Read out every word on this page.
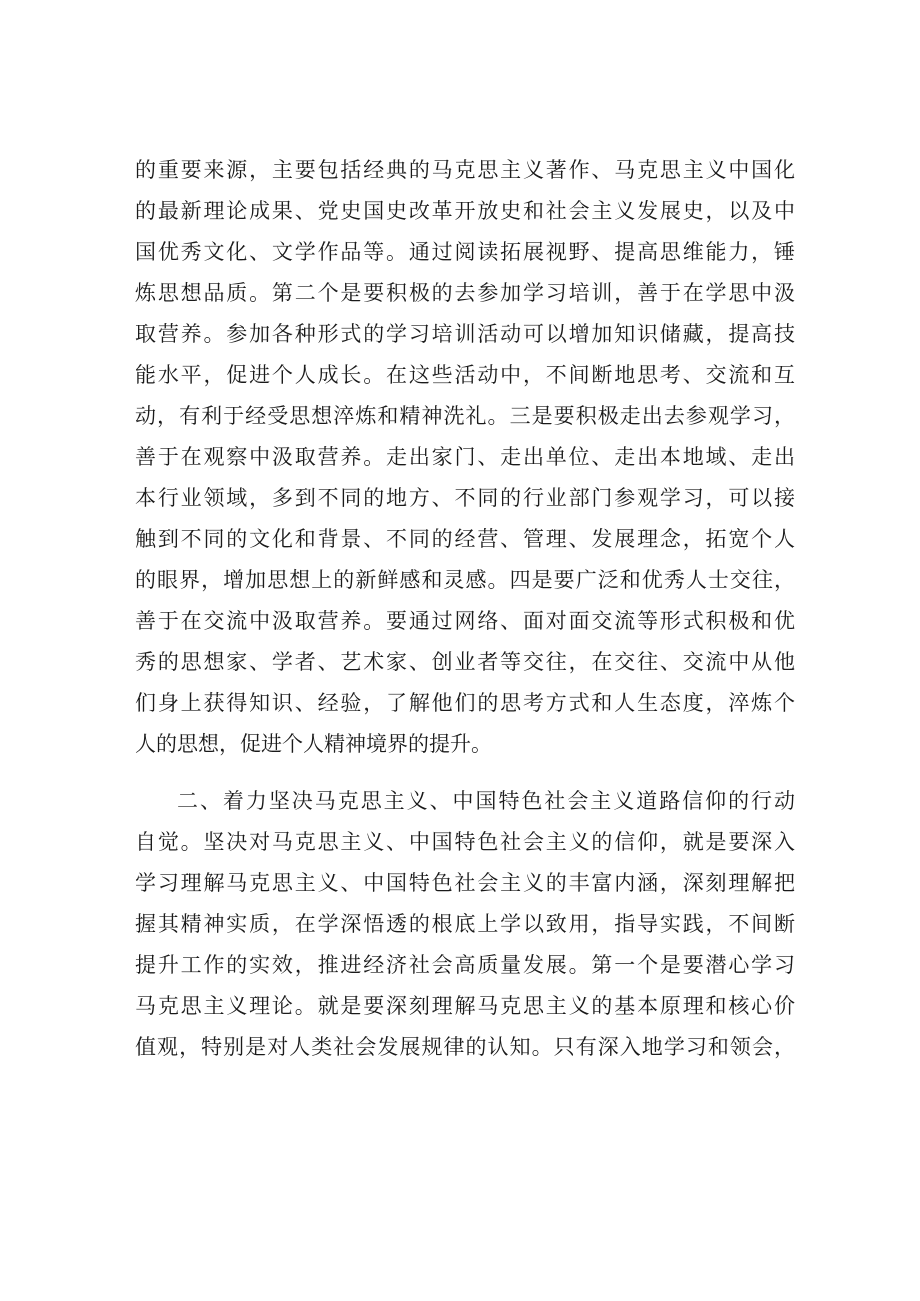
的重要来源，主要包括经典的马克思主义著作、马克思主义中国化
的最新理论成果、党史国史改革开放史和社会主义发展史，以及中
国优秀文化、文学作品等。通过阅读拓展视野、提高思维能力，锤
炼思想品质。第二个是要积极的去参加学习培训，善于在学思中汲
取营养。参加各种形式的学习培训活动可以增加知识储藏，提高技
能水平，促进个人成长。在这些活动中，不间断地思考、交流和互
动，有利于经受思想淬炼和精神洗礼。三是要积极走出去参观学习，
善于在观察中汲取营养。走出家门、走出单位、走出本地域、走出
本行业领域，多到不同的地方、不同的行业部门参观学习，可以接
触到不同的文化和背景、不同的经营、管理、发展理念，拓宽个人
的眼界，增加思想上的新鲜感和灵感。四是要广泛和优秀人士交往，
善于在交流中汲取营养。要通过网络、面对面交流等形式积极和优
秀的思想家、学者、艺术家、创业者等交往，在交往、交流中从他
们身上获得知识、经验，了解他们的思考方式和人生态度，淬炼个
人的思想，促进个人精神境界的提升。
二、着力坚决马克思主义、中国特色社会主义道路信仰的行动
自觉。坚决对马克思主义、中国特色社会主义的信仰，就是要深入
学习理解马克思主义、中国特色社会主义的丰富内涵，深刻理解把
握其精神实质，在学深悟透的根底上学以致用，指导实践，不间断
提升工作的实效，推进经济社会高质量发展。第一个是要潜心学习
马克思主义理论。就是要深刻理解马克思主义的基本原理和核心价
值观，特别是对人类社会发展规律的认知。只有深入地学习和领会，
